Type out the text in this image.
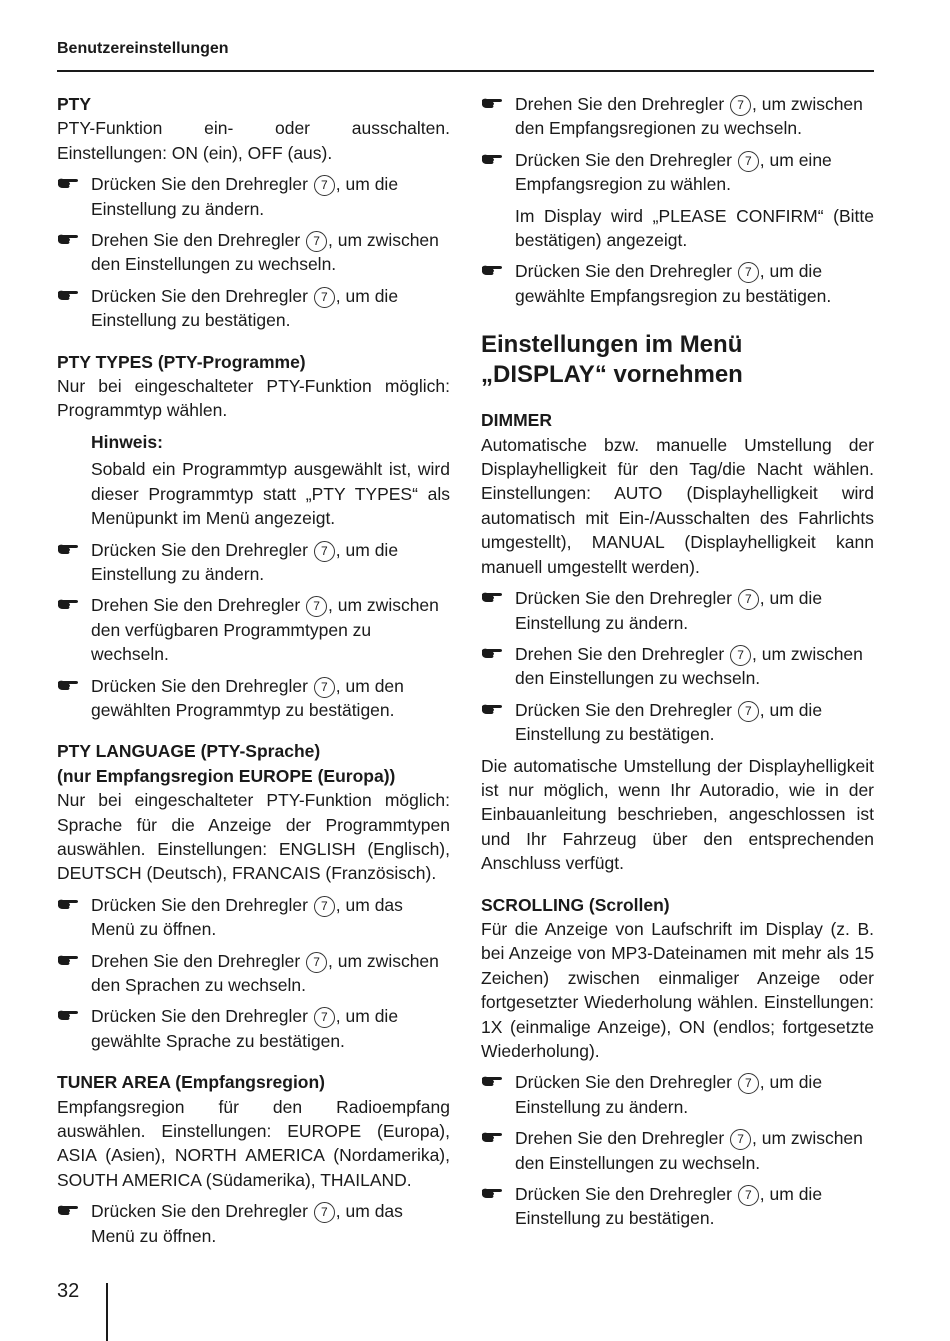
Benutzereinstellungen

PTY

PTY-Funktion ein- oder ausschalten. Einstellungen: ON (ein), OFF (aus).

Drücken Sie den Drehregler 7 , um die Einstellung zu ändern.
Drehen Sie den Drehregler 7 , um zwischen den Einstellungen zu wechseln.
Drücken Sie den Drehregler 7 , um die Einstellung zu bestätigen.

PTY TYPES (PTY-Programme)

Nur bei eingeschalteter PTY-Funktion möglich: Programmtyp wählen.

Hinweis:

Sobald ein Programmtyp ausgewählt ist, wird dieser Programmtyp statt „PTY TYPES“ als Menüpunkt im Menü angezeigt.

Drücken Sie den Drehregler 7 , um die Einstellung zu ändern.
Drehen Sie den Drehregler 7 , um zwischen den verfügbaren Programmtypen zu wechseln.
Drücken Sie den Drehregler 7 , um den gewählten Programmtyp zu bestätigen.

PTY LANGUAGE (PTY-Sprache)

(nur Empfangsregion EUROPE (Europa))

Nur bei eingeschalteter PTY-Funktion möglich: Sprache für die Anzeige der Programmtypen auswählen. Einstellungen: ENGLISH (Englisch), DEUTSCH (Deutsch), FRANCAIS (Französisch).

Drücken Sie den Drehregler 7 , um das Menü zu öffnen.
Drehen Sie den Drehregler 7 , um zwischen den Sprachen zu wechseln.
Drücken Sie den Drehregler 7 , um die gewählte Sprache zu bestätigen.

TUNER AREA (Empfangsregion)

Empfangsregion für den Radioempfang auswählen. Einstellungen: EUROPE (Europa), ASIA (Asien), NORTH AMERICA (Nordamerika), SOUTH AMERICA (Südamerika), THAILAND.

Drücken Sie den Drehregler 7 , um das Menü zu öffnen.
Drehen Sie den Drehregler 7 , um zwischen den Empfangsregionen zu wechseln.
Drücken Sie den Drehregler 7 , um eine Empfangsregion zu wählen.

Im Display wird „PLEASE CONFIRM“ (Bitte bestätigen) angezeigt.

Drücken Sie den Drehregler 7 , um die gewählte Empfangsregion zu bestätigen.

Einstellungen im Menü „DISPLAY“ vornehmen

DIMMER

Automatische bzw. manuelle Umstellung der Displayhelligkeit für den Tag/die Nacht wählen. Einstellungen: AUTO (Displayhelligkeit wird automatisch mit Ein-/Ausschalten des Fahrlichts umgestellt), MANUAL (Displayhelligkeit kann manuell umgestellt werden).

Drücken Sie den Drehregler 7 , um die Einstellung zu ändern.
Drehen Sie den Drehregler 7 , um zwischen den Einstellungen zu wechseln.
Drücken Sie den Drehregler 7 , um die Einstellung zu bestätigen.

Die automatische Umstellung der Displayhelligkeit ist nur möglich, wenn Ihr Autoradio, wie in der Einbauanleitung beschrieben, angeschlossen ist und Ihr Fahrzeug über den entsprechenden Anschluss verfügt.

SCROLLING (Scrollen)

Für die Anzeige von Laufschrift im Display (z. B. bei Anzeige von MP3-Dateinamen mit mehr als 15 Zeichen) zwischen einmaliger Anzeige oder fortgesetzter Wiederholung wählen. Einstellungen: 1X (einmalige Anzeige), ON (endlos; fortgesetzte Wiederholung).

Drücken Sie den Drehregler 7 , um die Einstellung zu ändern.
Drehen Sie den Drehregler 7 , um zwischen den Einstellungen zu wechseln.
Drücken Sie den Drehregler 7 , um die Einstellung zu bestätigen.
32
